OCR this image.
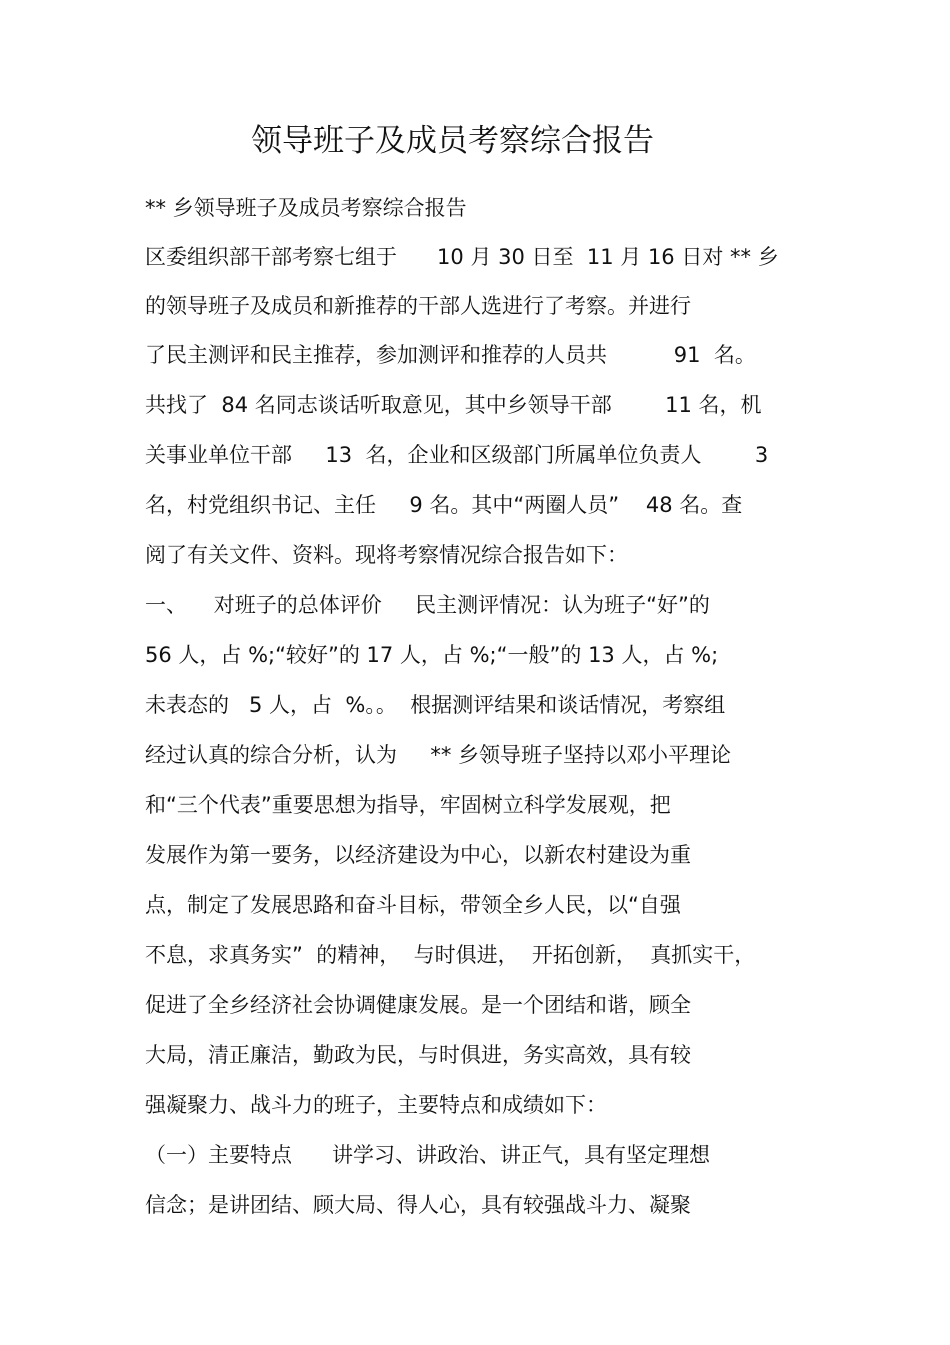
领导班子及成员考察综合报告
** 乡领导班子及成员考察综合报告
区委组织部干部考察七组于      10 月 30 日至  11 月 16 日对 ** 乡
的领导班子及成员和新推荐的干部人选进行了考察。并进行
了民主测评和民主推荐，参加测评和推荐的人员共          91  名。
共找了  84 名同志谈话听取意见，其中乡领导干部        11 名，机
关事业单位干部     13  名，企业和区级部门所属单位负责人        3
名，村党组织书记、主任     9 名。其中“两圈人员”    48 名。查
阅了有关文件、资料。现将考察情况综合报告如下：
一、    对班子的总体评价     民主测评情况：认为班子“好”的
56 人，占 %;“较好”的 17 人，占 %;“一般”的 13 人，占 %;
未表态的   5 人，占  %。。  根据测评结果和谈话情况，考察组
经过认真的综合分析，认为     ** 乡领导班子坚持以邓小平理论
和“三个代表”重要思想为指导，牢固树立科学发展观，把
发展作为第一要务，以经济建设为中心，以新农村建设为重
点，制定了发展思路和奋斗目标，带领全乡人民，以“自强
不息，求真务实”  的精神，  与时俱进，  开拓创新，  真抓实干，
促进了全乡经济社会协调健康发展。是一个团结和谐，顾全
大局，清正廉洁，勤政为民，与时俱进，务实高效，具有较
强凝聚力、战斗力的班子，主要特点和成绩如下：
（一）主要特点      讲学习、讲政治、讲正气，具有坚定理想
信念；是讲团结、顾大局、得人心，具有较强战斗力、凝聚
